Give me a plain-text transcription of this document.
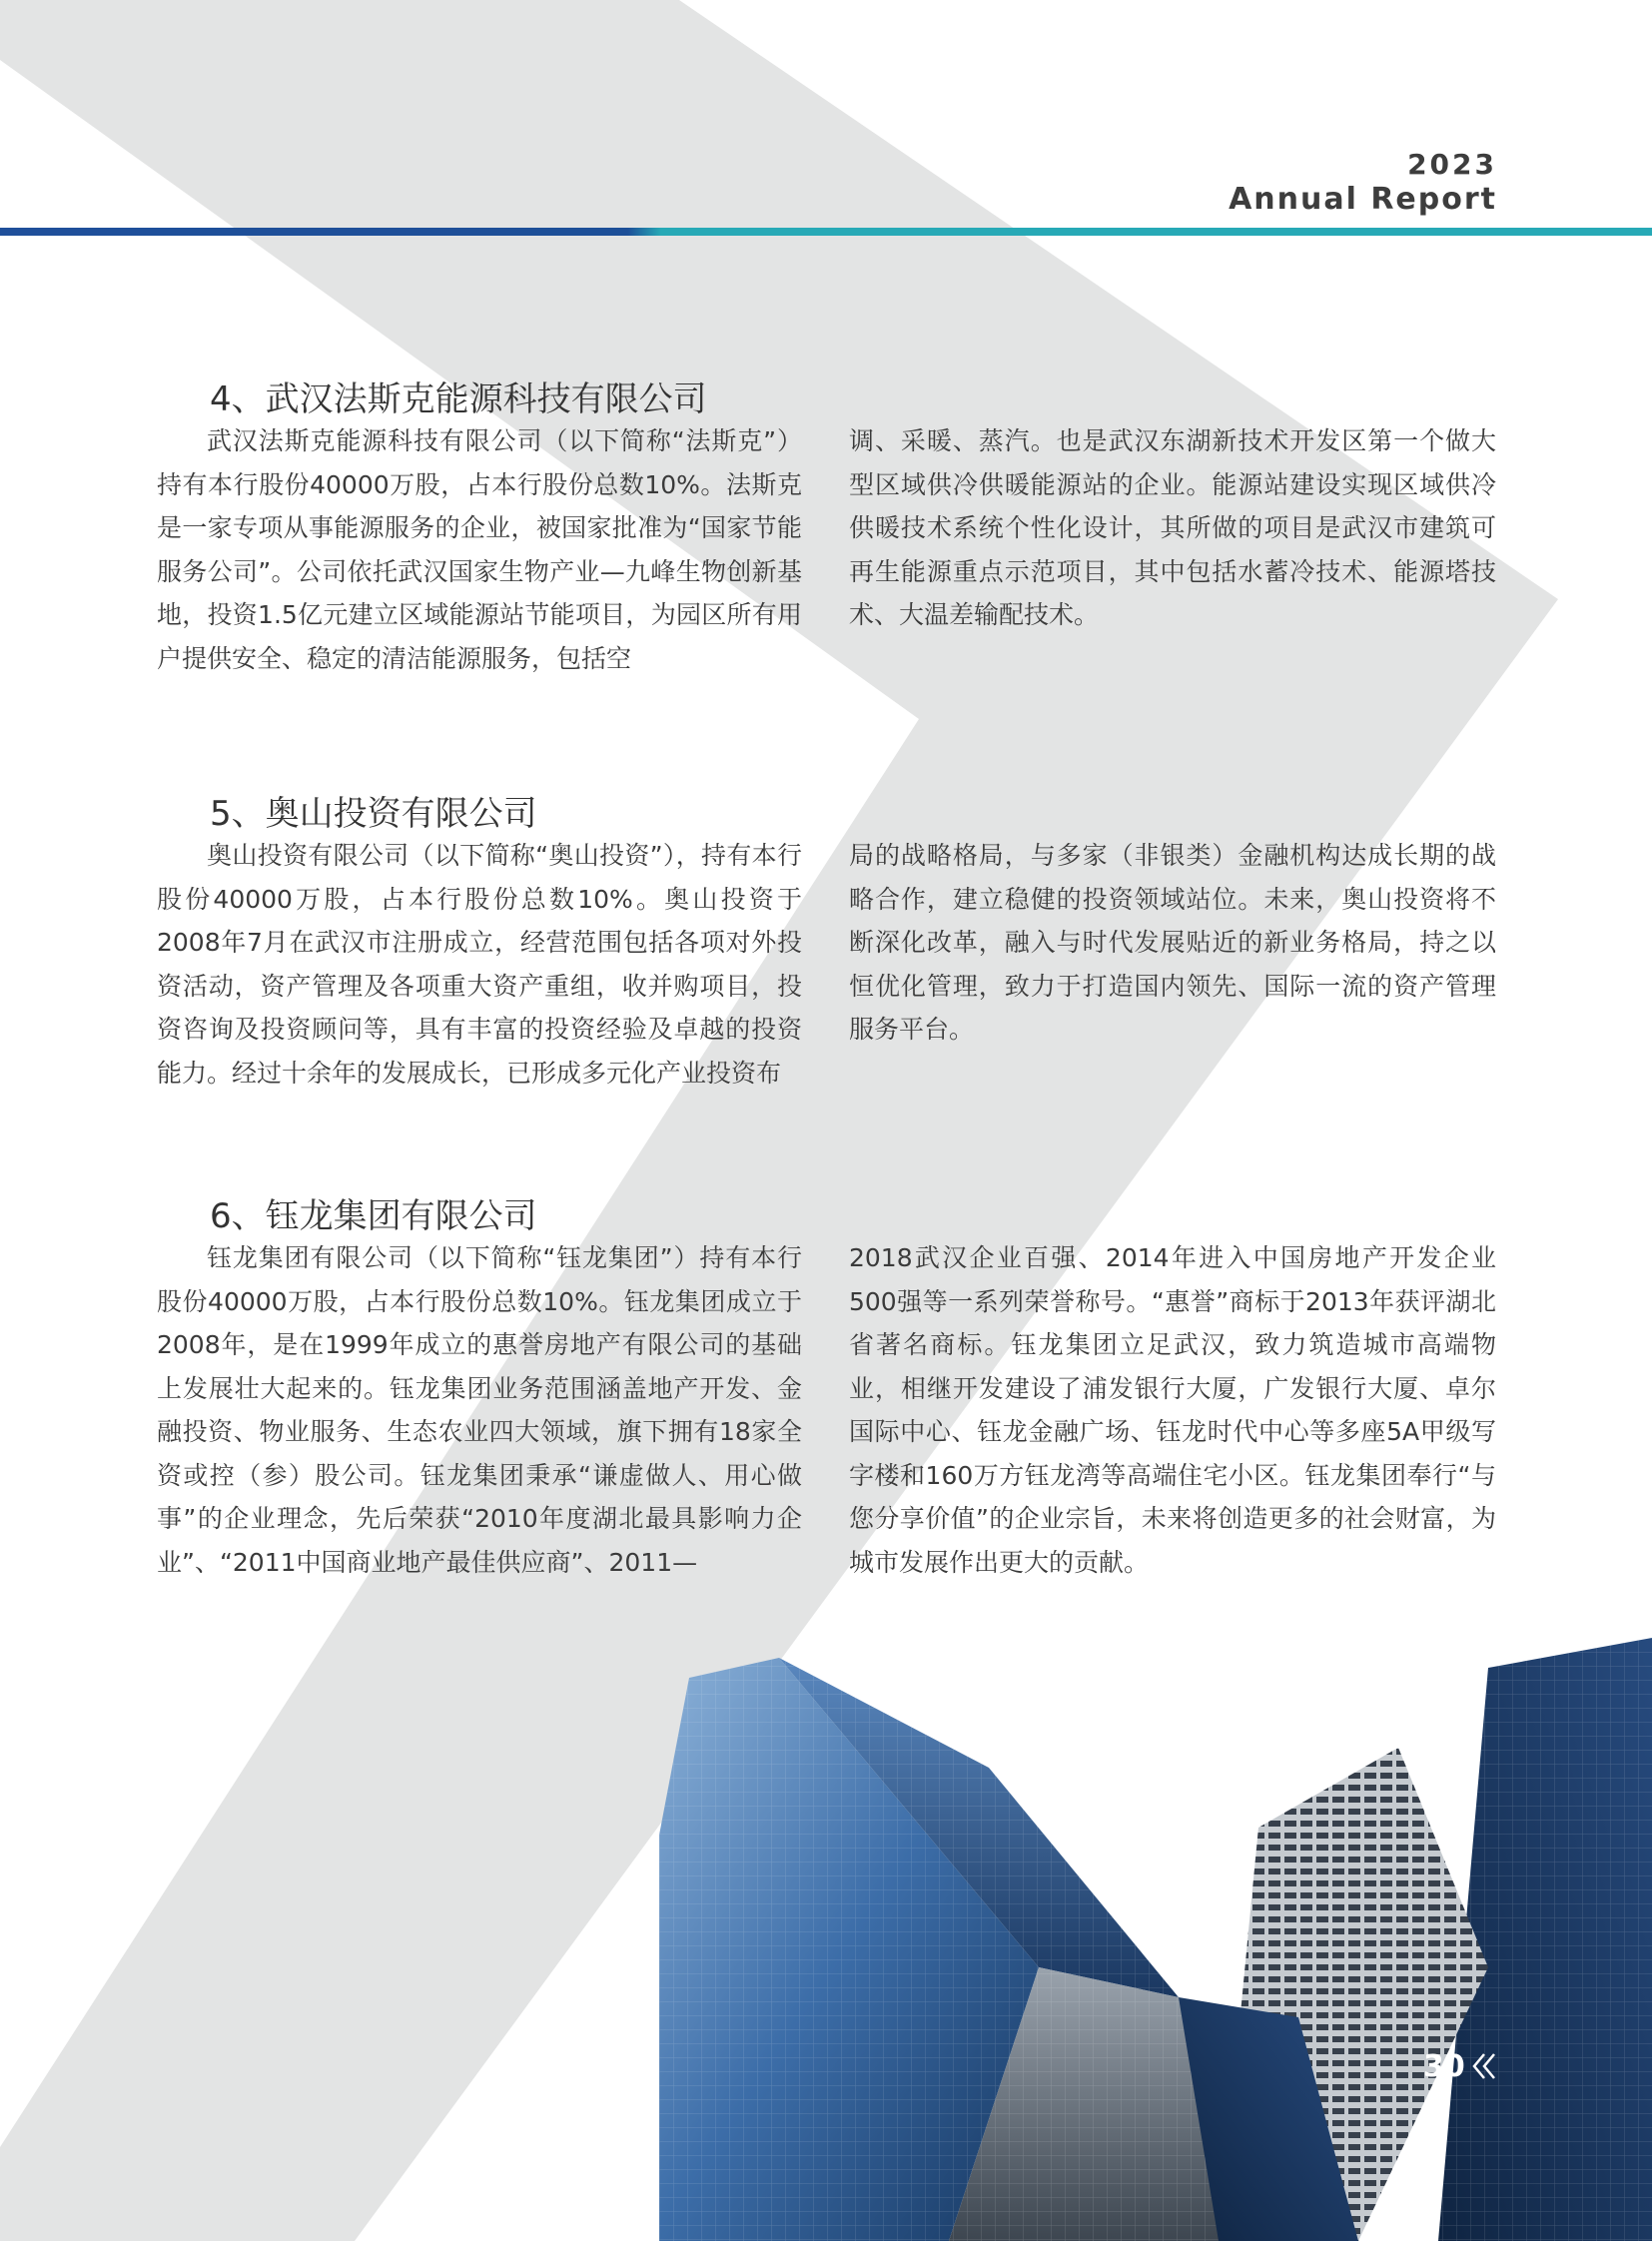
2023
Annual Report
4、武汉法斯克能源科技有限公司

武汉法斯克能源科技有限公司（以下简称“法斯克”）持有本行股份40000万股，占本行股份总数10%。法斯克是一家专项从事能源服务的企业，被国家批准为“国家节能服务公司”。公司依托武汉国家生物产业—九峰生物创新基地，投资1.5亿元建立区域能源站节能项目，为园区所有用户提供安全、稳定的清洁能源服务，包括空

调、采暖、蒸汽。也是武汉东湖新技术开发区第一个做大型区域供冷供暖能源站的企业。能源站建设实现区域供冷供暖技术系统个性化设计，其所做的项目是武汉市建筑可再生能源重点示范项目，其中包括水蓄冷技术、能源塔技术、大温差输配技术。

5、奥山投资有限公司

奥山投资有限公司（以下简称“奥山投资”），持有本行股份40000万股，占本行股份总数10%。奥山投资于2008年7月在武汉市注册成立，经营范围包括各项对外投资活动，资产管理及各项重大资产重组，收并购项目，投资咨询及投资顾问等，具有丰富的投资经验及卓越的投资能力。经过十余年的发展成长，已形成多元化产业投资布

局的战略格局，与多家（非银类）金融机构达成长期的战略合作，建立稳健的投资领域站位。未来，奥山投资将不断深化改革，融入与时代发展贴近的新业务格局，持之以恒优化管理，致力于打造国内领先、国际一流的资产管理服务平台。

6、钰龙集团有限公司

钰龙集团有限公司（以下简称“钰龙集团”）持有本行股份40000万股，占本行股份总数10%。钰龙集团成立于2008年，是在1999年成立的惠誉房地产有限公司的基础上发展壮大起来的。钰龙集团业务范围涵盖地产开发、金融投资、物业服务、生态农业四大领域，旗下拥有18家全资或控（参）股公司。钰龙集团秉承“谦虚做人、用心做事”的企业理念，先后荣获“2010年度湖北最具影响力企业”、“2011中国商业地产最佳供应商”、2011—

2018武汉企业百强、2014年进入中国房地产开发企业500强等一系列荣誉称号。“惠誉”商标于2013年获评湖北省著名商标。钰龙集团立足武汉，致力筑造城市高端物业，相继开发建设了浦发银行大厦，广发银行大厦、卓尔国际中心、钰龙金融广场、钰龙时代中心等多座5A甲级写字楼和160万方钰龙湾等高端住宅小区。钰龙集团奉行“与您分享价值”的企业宗旨，未来将创造更多的社会财富，为城市发展作出更大的贡献。

30
